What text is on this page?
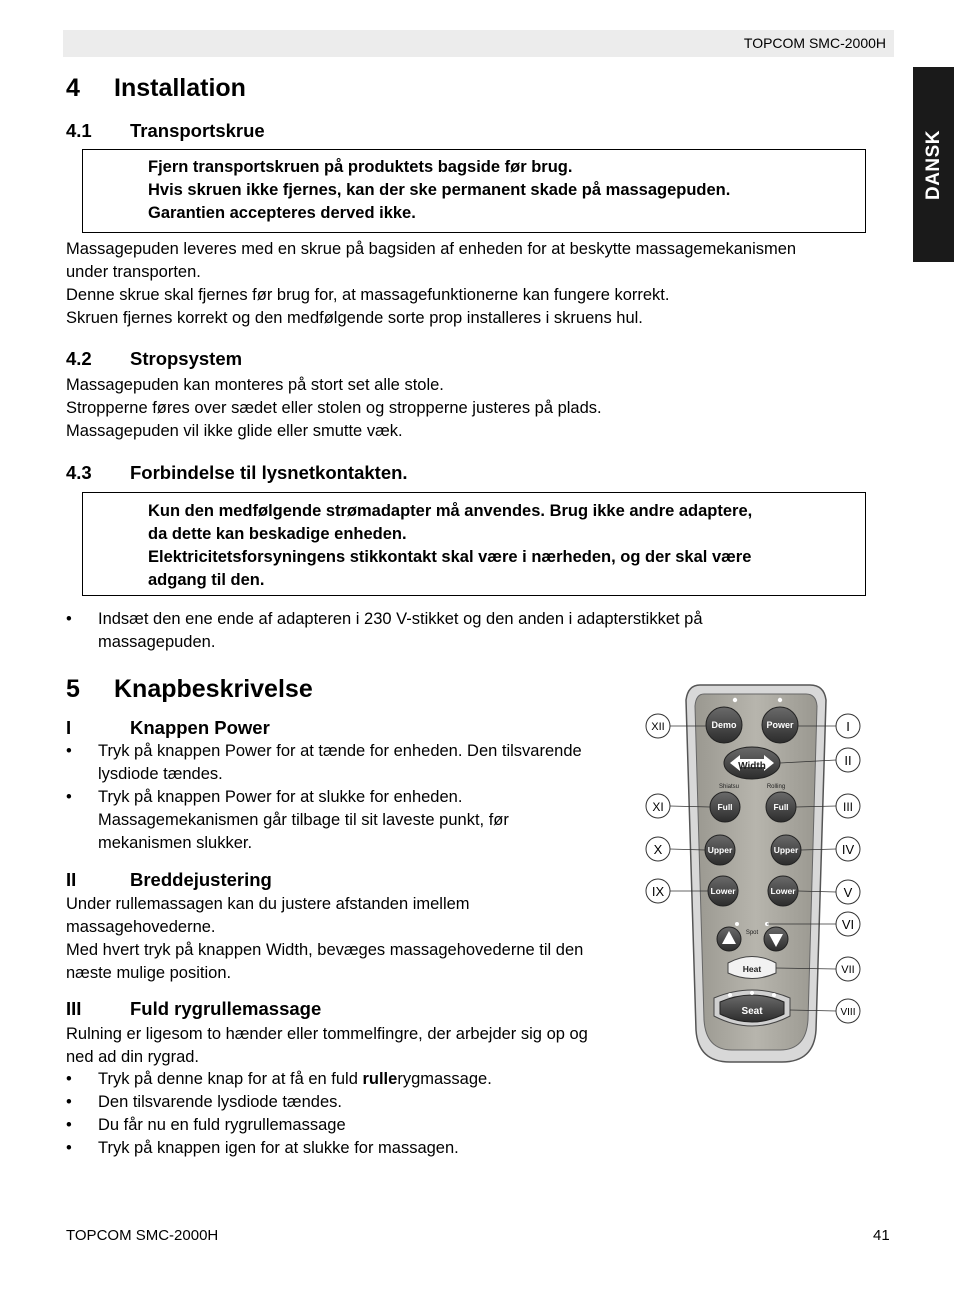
TOPCOM SMC-2000H
DANSK
4 Installation
4.1 Transportskrue
Fjern transportskruen på produktets bagside før brug.
Hvis skruen ikke fjernes, kan der ske permanent skade på massagepuden.
Garantien accepteres derved ikke.
Massagepuden leveres med en skrue på bagsiden af enheden for at beskytte massagemekanismen
under transporten.
Denne skrue skal fjernes før brug for, at massagefunktionerne kan fungere korrekt.
Skruen fjernes korrekt og den medfølgende sorte prop installeres i skruens hul.
4.2 Stropsystem
Massagepuden kan monteres på stort set alle stole.
Stropperne føres over sædet eller stolen og stropperne justeres på plads.
Massagepuden vil ikke glide eller smutte væk.
4.3 Forbindelse til lysnetkontakten.
Kun den medfølgende strømadapter må anvendes. Brug ikke andre adaptere,
da dette kan beskadige enheden.
Elektricitetsforsyningens stikkontakt skal være i nærheden, og der skal være
adgang til den.
• Indsæt den ene ende af adapteren i 230 V-stikket og den anden i adapterstikket på
massagepuden.
5 Knapbeskrivelse
I	Knappen Power
• Tryk på knappen Power for at tænde for enheden. Den tilsvarende
lysdiode tændes.
• Tryk på knappen Power for at slukke for enheden.
Massagemekanismen går tilbage til sit laveste punkt, før
mekanismen slukker.
II	Breddejustering
Under rullemassagen kan du justere afstanden imellem
massagehovederne.
Med hvert tryk på knappen Width, bevæges massagehovederne til den
næste mulige position.
III	Fuld rygrullemassage
Rulning er ligesom to hænder eller tommelfingre, der arbejder sig op og
ned ad din rygrad.
• Tryk på denne knap for at få en fuld rullerygmassage.
• Den tilsvarende lysdiode tændes.
• Du får nu en fuld rygrullemassage
• Tryk på knappen igen for at slukke for massagen.
Demo	Power
Width
Shiatsu	Rolling
Full	Full
Upper	Upper
Lower	Lower
Spot
Heat
Seat
XII	I
II
XI	III
X	IV
IX	V
VI
VII
VIII
TOPCOM SMC-2000H	41
